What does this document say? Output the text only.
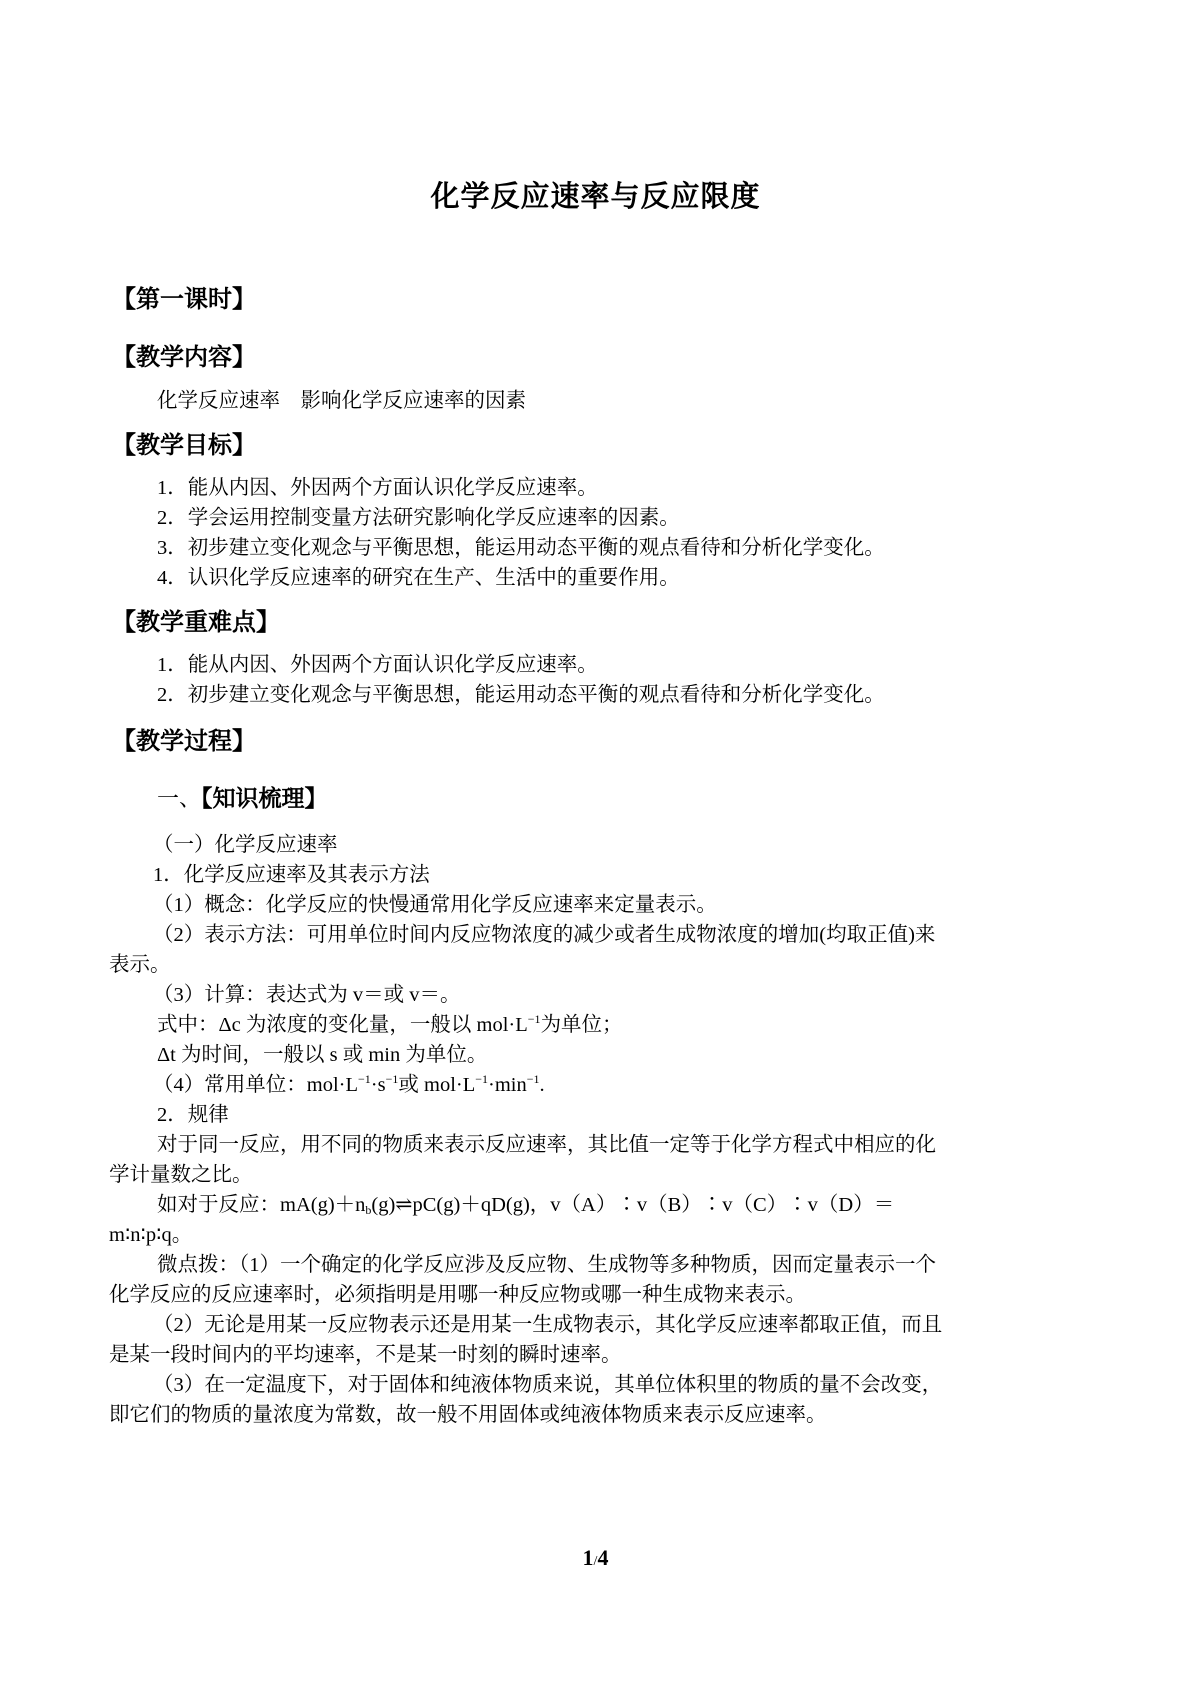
化学反应速率与反应限度
【第一课时】
【教学内容】
化学反应速率　影响化学反应速率的因素
【教学目标】
1．能从内因、外因两个方面认识化学反应速率。
2．学会运用控制变量方法研究影响化学反应速率的因素。
3．初步建立变化观念与平衡思想，能运用动态平衡的观点看待和分析化学变化。
4．认识化学反应速率的研究在生产、生活中的重要作用。
【教学重难点】
1．能从内因、外因两个方面认识化学反应速率。
2．初步建立变化观念与平衡思想，能运用动态平衡的观点看待和分析化学变化。
【教学过程】
一、【知识梳理】
（一）化学反应速率
1．化学反应速率及其表示方法
（1）概念：化学反应的快慢通常用化学反应速率来定量表示。
（2）表示方法：可用单位时间内反应物浓度的减少或者生成物浓度的增加(均取正值)来
表示。
（3）计算：表达式为 v＝或 v＝。
式中：Δc 为浓度的变化量，一般以 $mol\cdot L^{-1}$为单位；
Δt 为时间，一般以 s 或 min 为单位。
（4）常用单位：$mol\cdot L^{-1}\cdot s^{-1}$或 $mol\cdot L^{-1}\cdot\min^{-1}$.
2．规律
对于同一反应，用不同的物质来表示反应速率，其比值一定等于化学方程式中相应的化
学计量数之比。
如对于反应：$mA(g)+n_b(g)\rightleftharpoons pC(g)+qD(g)$，v（A）∶v（B）∶v（C）∶v（D）＝
m∶n∶p∶q。
微点拨：（1）一个确定的化学反应涉及反应物、生成物等多种物质，因而定量表示一个
化学反应的反应速率时，必须指明是用哪一种反应物或哪一种生成物来表示。
（2）无论是用某一反应物表示还是用某一生成物表示，其化学反应速率都取正值，而且
是某一段时间内的平均速率，不是某一时刻的瞬时速率。
（3）在一定温度下，对于固体和纯液体物质来说，其单位体积里的物质的量不会改变，
即它们的物质的量浓度为常数，故一般不用固体或纯液体物质来表示反应速率。
1/4
